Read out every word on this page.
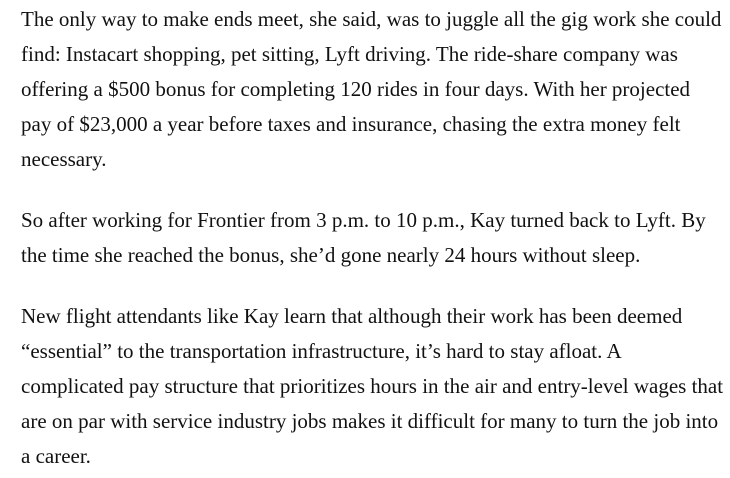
The only way to make ends meet, she said, was to juggle all the gig work she could find: Instacart shopping, pet sitting, Lyft driving. The ride-share company was offering a $500 bonus for completing 120 rides in four days. With her projected pay of $23,000 a year before taxes and insurance, chasing the extra money felt necessary.

So after working for Frontier from 3 p.m. to 10 p.m., Kay turned back to Lyft. By the time she reached the bonus, she’d gone nearly 24 hours without sleep.

New flight attendants like Kay learn that although their work has been deemed “essential” to the transportation infrastructure, it’s hard to stay afloat. A complicated pay structure that prioritizes hours in the air and entry-level wages that are on par with service industry jobs makes it difficult for many to turn the job into a career.
